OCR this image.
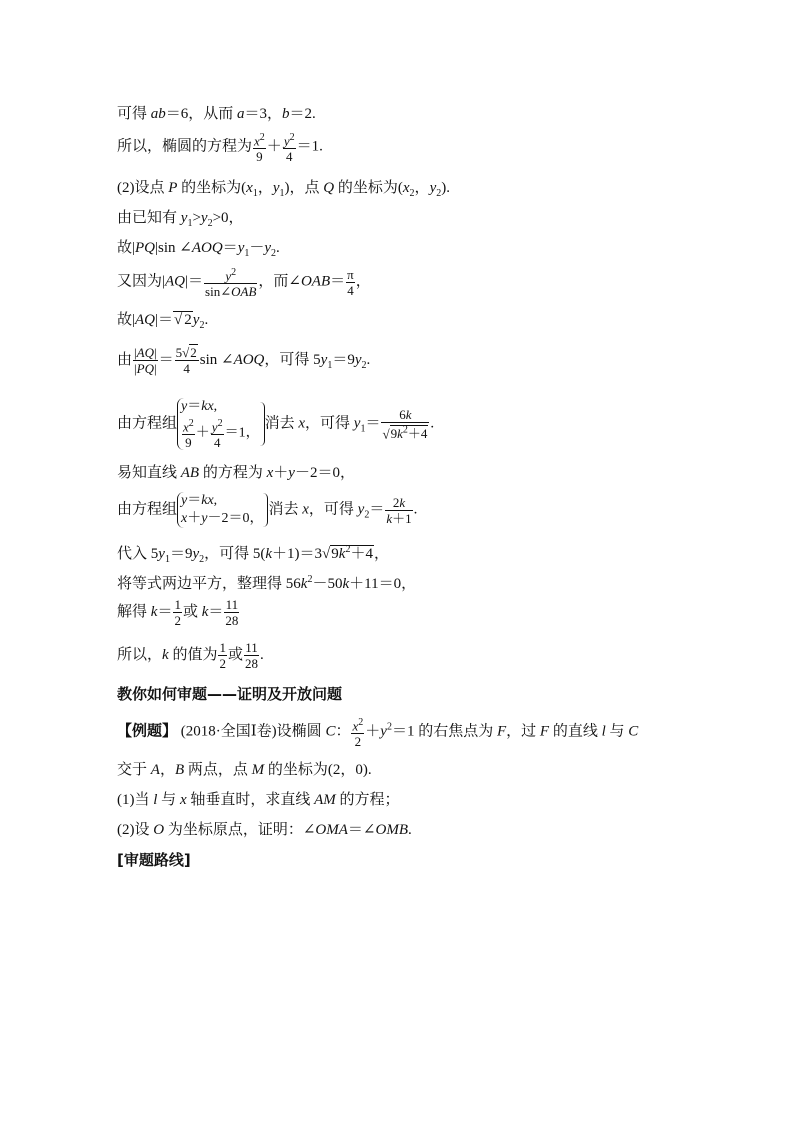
可得 ab＝6，从而 a＝3，b＝2.
所以，椭圆的方程为 $\frac{x^2}{9} + \frac{y^2}{4} =1$.
(2)设点 P 的坐标为($x_1$，$y_1$)，点 Q 的坐标为($x_2$，$y_2$).
由已知有 $y_1>y_2>0$，
故|PQ|sin $\angle AOQ=y_1-y_2$.
又因为$|AQ|= \frac{y^2}{\text{sin∠OAB}}$ ，而∠OAB＝ $\frac{\pi}{4}$ ，
故|AQ|＝√ $2y_2$.
由 $\frac{|AQ|}{|PQ|} = \frac{5√2}{4}$ sin ∠AOQ，可得 $5y_1=9y_2$.
由方程组
y＝kx,
$\frac{x^2}{9} + \frac{y^2}{4} =1$，
消去 x，可得 $y_1= \frac{6k}{√9k^2+4}$ .
易知直线 AB 的方程为 x＋y－2＝0，
由方程组
y＝kx,
x＋y－2＝0，
消去 x，可得 $y_2= \frac{2k}{k+1}$ .
代入 $5y_1=9y_2$，可得 $5(k+1)=3√9k^2+4$，
将等式两边平方，整理得 $56k^2-50k+11=0$，
解得 $k= \frac{1}{2}$ 或 $k= \frac{11}{28}$
所以，k 的值为 $\frac{1}{2}$ 或 $\frac{11}{28}$ .
教你如何审题——证明及开放问题
【例题】 (2018·全国Ⅰ卷)设椭圆 C： $\frac{x^2}{2} +y^2=1$ 的右焦点为 F，过 F 的直线 l 与 C
交于 A，B 两点，点 M 的坐标为(2，0).
(1)当 l 与 x 轴垂直时，求直线 AM 的方程；
(2)设 O 为坐标原点，证明：∠OMA＝∠OMB.
[审题路线]
